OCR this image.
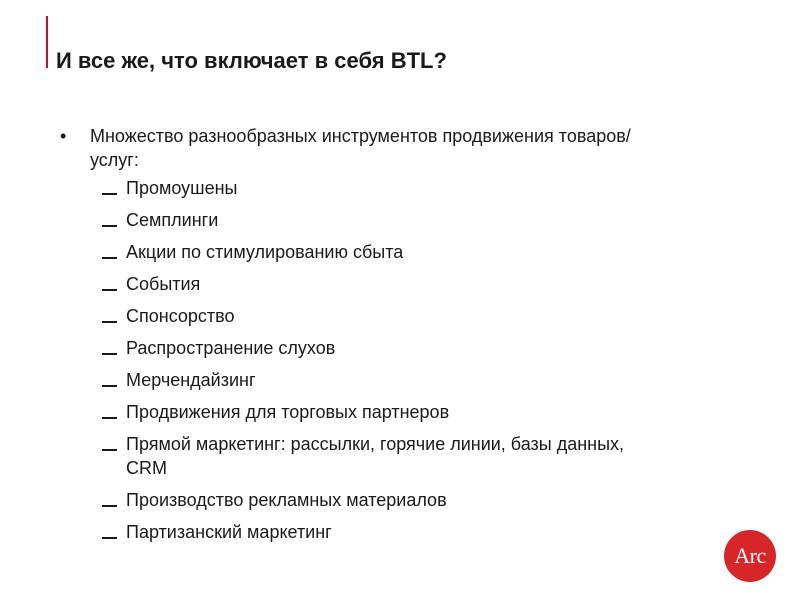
И все же, что включает в себя BTL?
• Множество разнообразных инструментов продвижения товаров/услуг:
Промоушены
Семплинги
Акции по стимулированию сбыта
События
Спонсорство
Распространение слухов
Мерчендайзинг
Продвижения для торговых партнеров
Прямой маркетинг: рассылки, горячие линии, базы данных, CRM
Производство рекламных материалов
Партизанский маркетинг
Arc
